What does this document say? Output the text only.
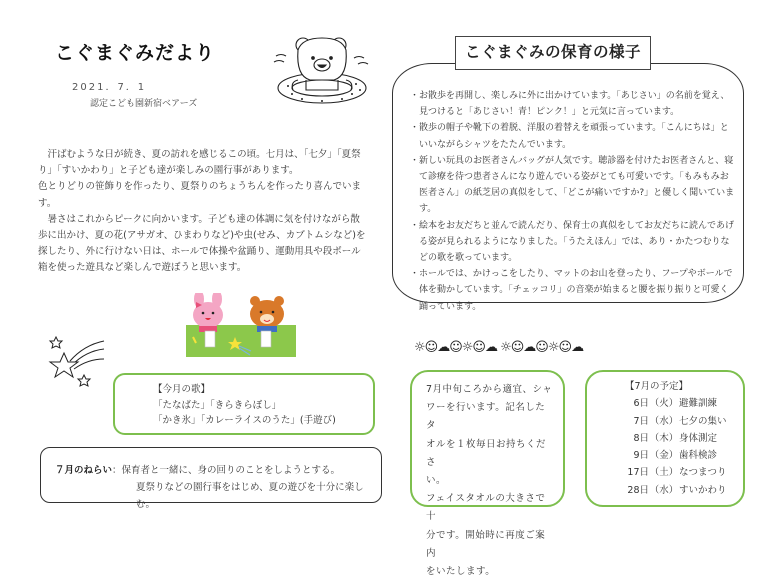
こぐまぐみだより
2021．7．1
認定こども園新宿ベアーズ

　汗ばむような日が続き、夏の訪れを感じるこの頃。七月は、「七夕」「夏祭り」「すいかわり」と子ども達が楽しみの園行事があります。

色とりどりの笹飾りを作ったり、夏祭りのちょうちんを作ったり喜んでいます。

　暑さはこれからピークに向かいます。子ども達の体調に気を付けながら散歩に出かけ、夏の花(アサガオ、ひまわりなど)や虫(せみ、カブトムシなど)を探したり、外に行けない日は、ホールで体操や盆踊り、運動用具や段ボール箱を使った遊具など楽しんで遊ぼうと思います。

【今月の歌】
「たなばた」「きらきらぼし」
「かき氷」「カレーライスのうた」(手遊び)
７月のねらい：保育者と一緒に、身の回りのことをしようとする。
夏祭りなどの園行事をはじめ、夏の遊びを十分に楽しむ。
こぐまぐみの保育の様子
・ お散歩を再開し、楽しみに外に出かけています。「あじさい」の名前を覚え、見つけると「あじさい！青！ピンク！」と元気に言っています。
・ 散歩の帽子や靴下の着脱、洋服の着替えを頑張っています。「こんにちは」といいながらシャツをたたんでいます。
・ 新しい玩具のお医者さんバッグが人気です。聴診器を付けたお医者さんと、寝て診療を待つ患者さんになり遊んでいる姿がとても可愛いです。「もみもみお医者さん」の紙芝居の真似をして、「どこが痛いですか?」と優しく聞いています。
・ 絵本をお友だちと並んで読んだり、保育士の真似をしてお友だちに読んであげる姿が見られるようになりました。「うたえほん」では、あり・かたつむりなどの歌を歌っています。
・ ホールでは、かけっこをしたり、マットのお山を登ったり、フープやボールで体を動かしています。「チェッコリ」の音楽が始まると腰を振り振りと可愛く踊っています。
☼☺☁☺☼☺☁ ☼☺☁☺☼☺☁
7月中旬ころから適宜、シャ
ワーを行います。記名したタ
オルを１枚毎日お持ちくださ
い。
フェイスタオルの大きさで十
分です。開始時に再度ご案内
をいたします。
【7月の予定】
6日 （火） 避難訓練
7日 （水） 七夕の集い
8日 （木） 身体測定
9日 （金） 歯科検診
17日 （土） なつまつり
28日 （水） すいかわり
